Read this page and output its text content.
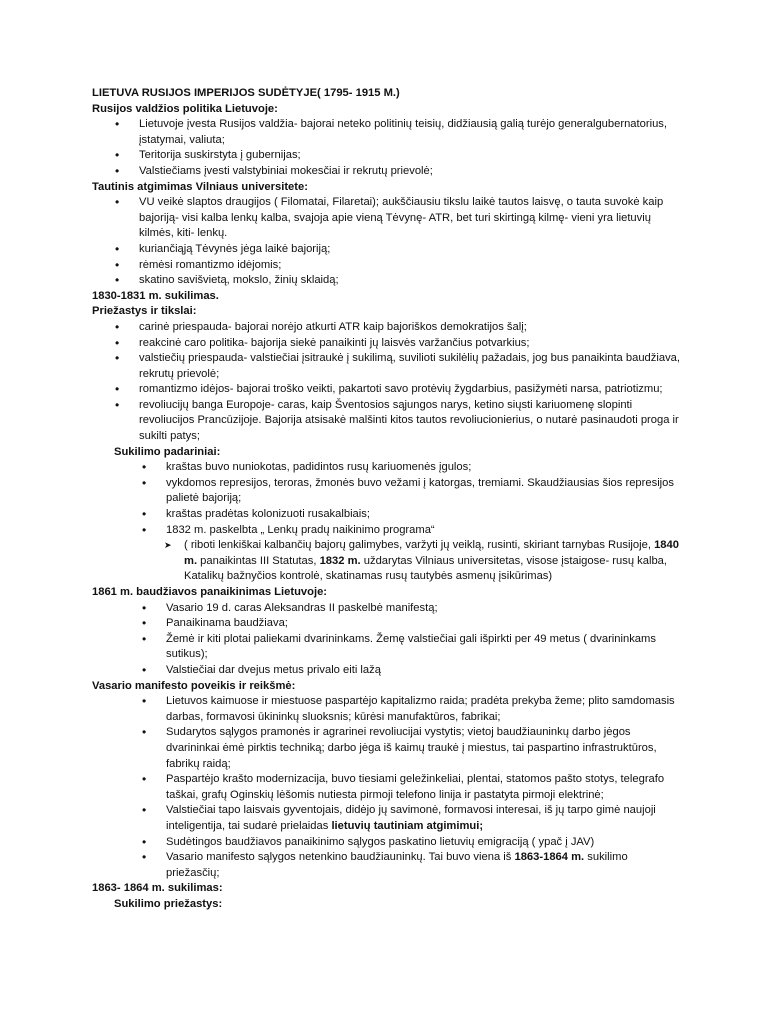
LIETUVA RUSIJOS IMPERIJOS SUDĖTYJE( 1795- 1915 M.)
Rusijos valdžios politika Lietuvoje:
• Lietuvoje įvesta Rusijos valdžia- bajorai neteko politinių teisių, didžiausią galią turėjo generalgubernatorius, įstatymai, valiuta;
• Teritorija suskirstyta į gubernijas;
• Valstiečiams įvesti valstybiniai mokesčiai ir rekrutų prievolė;
Tautinis atgimimas Vilniaus universitete:
• VU veikė slaptos draugijos ( Filomatai, Filaretai); aukščiausiu tikslu laikė tautos laisvę, o tauta suvokė kaip bajoriją- visi kalba lenkų kalba, svajoja apie vieną Tėvynę- ATR, bet turi skirtingą kilmę- vieni yra lietuvių kilmės, kiti- lenkų.
• kuriančiąją Tėvynės jėga laikė bajoriją;
• rėmėsi romantizmo idėjomis;
• skatino savišvietą, mokslo, žinių sklaidą;
1830-1831 m. sukilimas.
Priežastys ir tikslai:
• carinė priespauda- bajorai norėjo atkurti ATR kaip bajoriškos demokratijos šalį;
• reakcinė caro politika- bajorija siekė panaikinti jų laisvės varžančius potvarkius;
• valstiečių priespauda- valstiečiai įsitraukė į sukilimą, suvilioti sukilėlių pažadais, jog bus panaikinta baudžiava, rekrutų prievolė;
• romantizmo idėjos- bajorai troško veikti, pakartoti savo protėvių žygdarbius, pasižymėti narsa, patriotizmu;
• revoliucijų banga Europoje- caras, kaip Šventosios sąjungos narys, ketino siųsti kariuomenę slopinti revoliucijos Prancūzijoje. Bajorija atsisakė malšinti kitos tautos revoliucionierius, o nutarė pasinaudoti proga ir sukilti patys;
Sukilimo padariniai:
• kraštas buvo nuniokotas, padidintos rusų kariuomenės įgulos;
• vykdomos represijos, teroras, žmonės buvo vežami į katorgas, tremiami. Skaudžiausias šios represijos palietė bajoriją;
• kraštas pradėtas kolonizuoti rusakalbiais;
• 1832 m. paskelbta „ Lenkų pradų naikinimo programa“
➤ ( riboti lenkiškai kalbančių bajorų galimybes, varžyti jų veiklą, rusinti, skiriant tarnybas Rusijoje, 1840 m. panaikintas III Statutas, 1832 m. uždarytas Vilniaus universitetas, visose įstaigose- rusų kalba, Katalikų bažnyčios kontrolė, skatinamas rusų tautybės asmenų įsikūrimas)
1861 m. baudžiavos panaikinimas Lietuvoje:
• Vasario 19 d. caras Aleksandras II paskelbė manifestą;
• Panaikinama baudžiava;
• Žemė ir kiti plotai paliekami dvarininkams. Žemę valstiečiai gali išpirkti per 49 metus ( dvarininkams sutikus);
• Valstiečiai dar dvejus metus privalo eiti lažą
Vasario manifesto poveikis ir reikšmė:
• Lietuvos kaimuose ir miestuose paspartėjo kapitalizmo raida; pradėta prekyba žeme; plito samdomasis darbas, formavosi ūkininkų sluoksnis; kūrėsi manufaktūros, fabrikai;
• Sudarytos sąlygos pramonės ir agrarinei revoliucijai vystytis; vietoj baudžiauninkų darbo jėgos dvarininkai ėmė pirktis techniką; darbo jėga iš kaimų traukė į miestus, tai paspartino infrastruktūros, fabrikų raidą;
• Paspartėjo krašto modernizacija, buvo tiesiami geležinkeliai, plentai, statomos pašto stotys, telegrafo taškai, grafų Oginskių lėšomis nutiesta pirmoji telefono linija ir pastatyta pirmoji elektrinė;
• Valstiečiai tapo laisvais gyventojais, didėjo jų savimonė, formavosi interesai, iš jų tarpo gimė naujoji inteligentija, tai sudarė prielaidas lietuvių tautiniam atgimimui;
• Sudėtingos baudžiavos panaikinimo sąlygos paskatino lietuvių emigraciją ( ypač į JAV)
• Vasario manifesto sąlygos netenkino baudžiauninkų. Tai buvo viena iš 1863-1864 m. sukilimo priežasčių;
1863- 1864 m. sukilimas:
Sukilimo priežastys:
